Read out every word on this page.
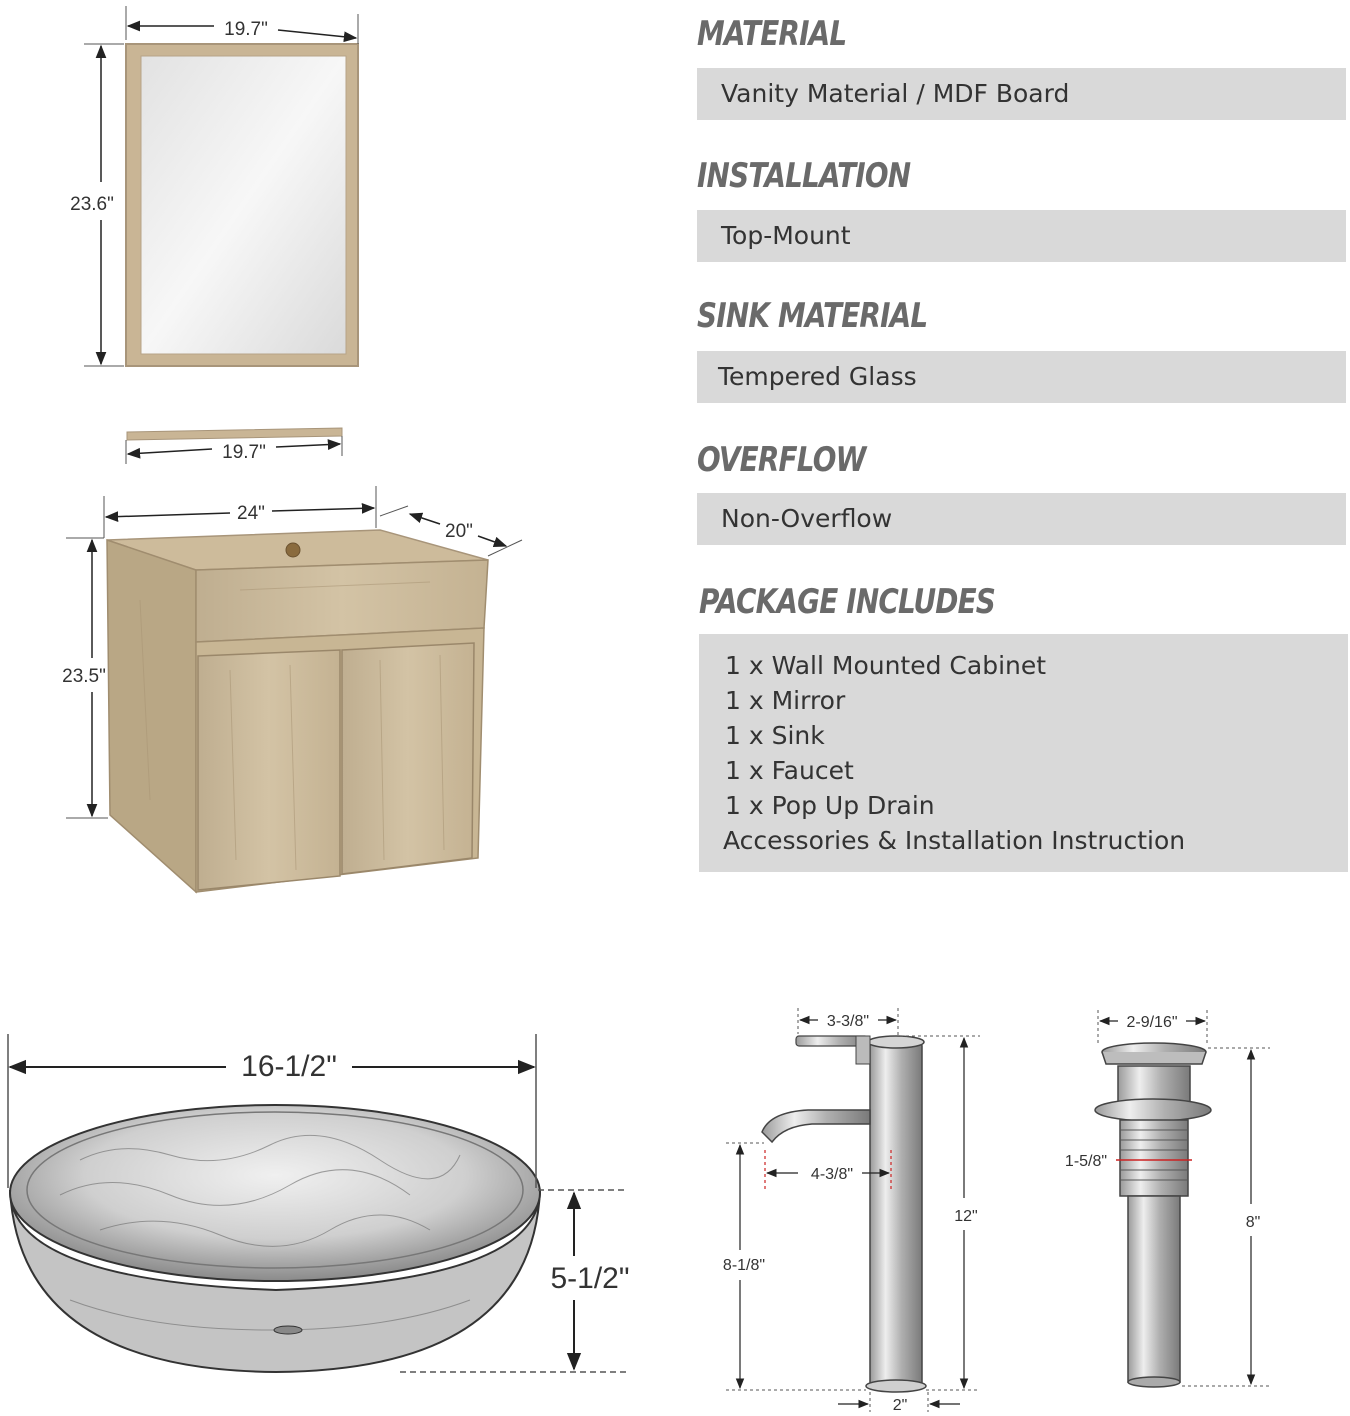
19.7"
23.6"
19.7"
24"
20"
23.5"
16-1/2"
5-1/2"
3-3/8"
4-3/8"
12"
8-1/8"
2"
2-9/16"
1-5/8"
8"
MATERIAL
Vanity Material / MDF Board
INSTALLATION
Top-Mount
SINK MATERIAL
Tempered Glass
OVERFLOW
Non-Overflow
PACKAGE INCLUDES
1 x Wall Mounted Cabinet
1 x Mirror
1 x Sink
1 x Faucet
1 x Pop Up Drain
Accessories & Installation Instruction
